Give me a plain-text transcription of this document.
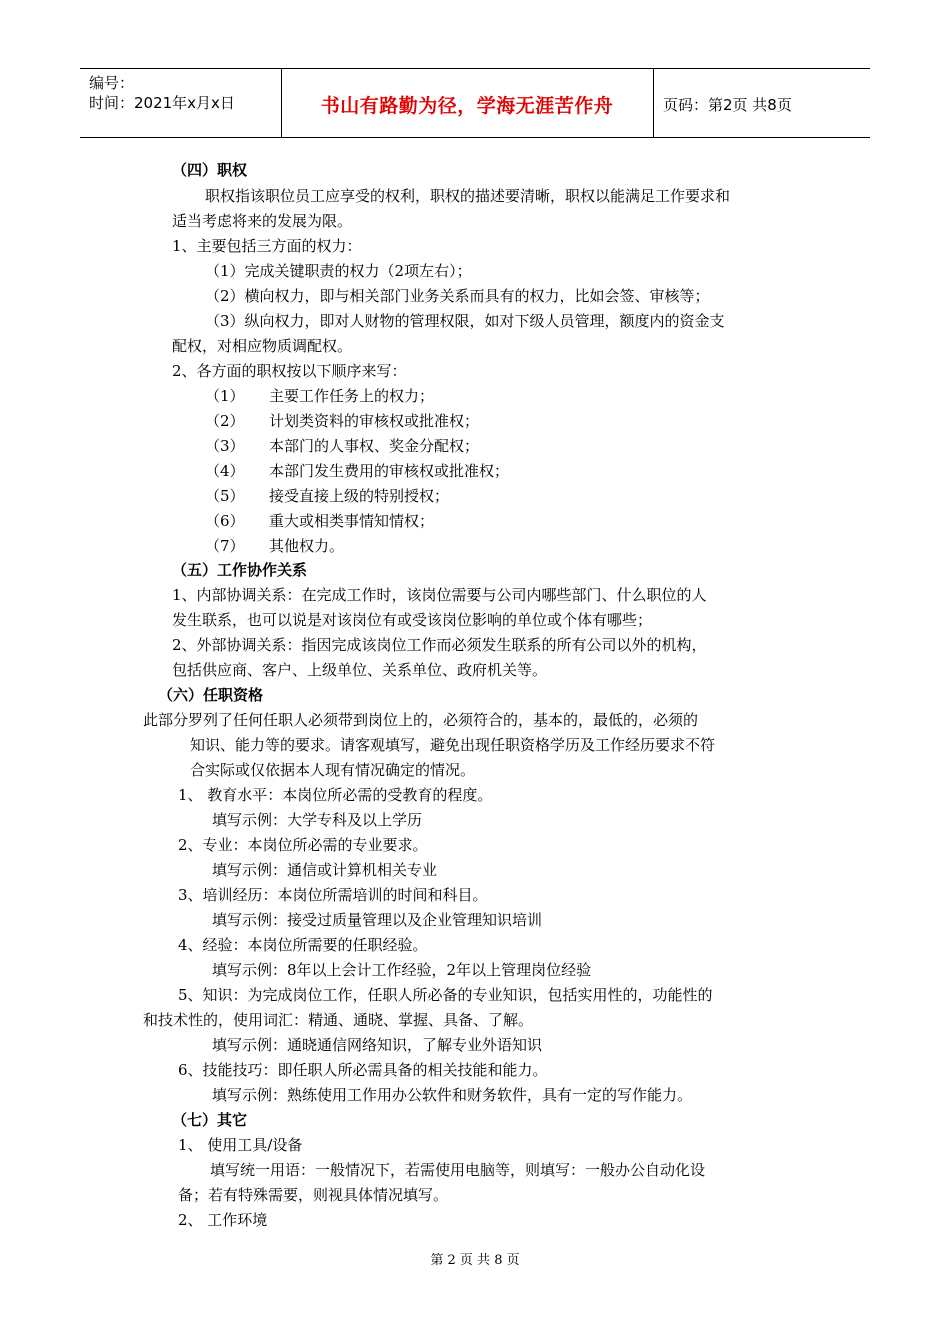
编号：
时间：2021年x月x日	书山有路勤为径，学海无涯苦作舟	页码：第2页 共8页
（四）职权
职权指该职位员工应享受的权利，职权的描述要清晰，职权以能满足工作要求和
适当考虑将来的发展为限。
1、主要包括三方面的权力：
（1）完成关键职责的权力（2项左右）；
（2）横向权力，即与相关部门业务关系而具有的权力，比如会签、审核等；
（3）纵向权力，即对人财物的管理权限，如对下级人员管理，额度内的资金支
配权，对相应物质调配权。
2、各方面的职权按以下顺序来写：
（1） 主要工作任务上的权力；
（2） 计划类资料的审核权或批准权；
（3） 本部门的人事权、奖金分配权；
（4） 本部门发生费用的审核权或批准权；
（5） 接受直接上级的特别授权；
（6） 重大或相类事情知情权；
（7） 其他权力。
（五）工作协作关系
1、内部协调关系：在完成工作时，该岗位需要与公司内哪些部门、什么职位的人
发生联系，也可以说是对该岗位有或受该岗位影响的单位或个体有哪些；
2、外部协调关系：指因完成该岗位工作而必须发生联系的所有公司以外的机构，
包括供应商、客户、上级单位、关系单位、政府机关等。
（六）任职资格
此部分罗列了任何任职人必须带到岗位上的，必须符合的，基本的，最低的，必须的
知识、能力等的要求。请客观填写，避免出现任职资格学历及工作经历要求不符
合实际或仅依据本人现有情况确定的情况。
1、 教育水平：本岗位所必需的受教育的程度。
填写示例：大学专科及以上学历
2、专业：本岗位所必需的专业要求。
填写示例：通信或计算机相关专业
3、培训经历：本岗位所需培训的时间和科目。
填写示例：接受过质量管理以及企业管理知识培训
4、经验：本岗位所需要的任职经验。
填写示例：8年以上会计工作经验，2年以上管理岗位经验
5、知识：为完成岗位工作，任职人所必备的专业知识，包括实用性的，功能性的
和技术性的，使用词汇：精通、通晓、掌握、具备、了解。
填写示例：通晓通信网络知识，了解专业外语知识
6、技能技巧：即任职人所必需具备的相关技能和能力。
填写示例：熟练使用工作用办公软件和财务软件，具有一定的写作能力。
（七）其它
1、 使用工具/设备
填写统一用语：一般情况下，若需使用电脑等，则填写：一般办公自动化设
备；若有特殊需要，则视具体情况填写。
2、 工作环境
第 2 页 共 8 页
